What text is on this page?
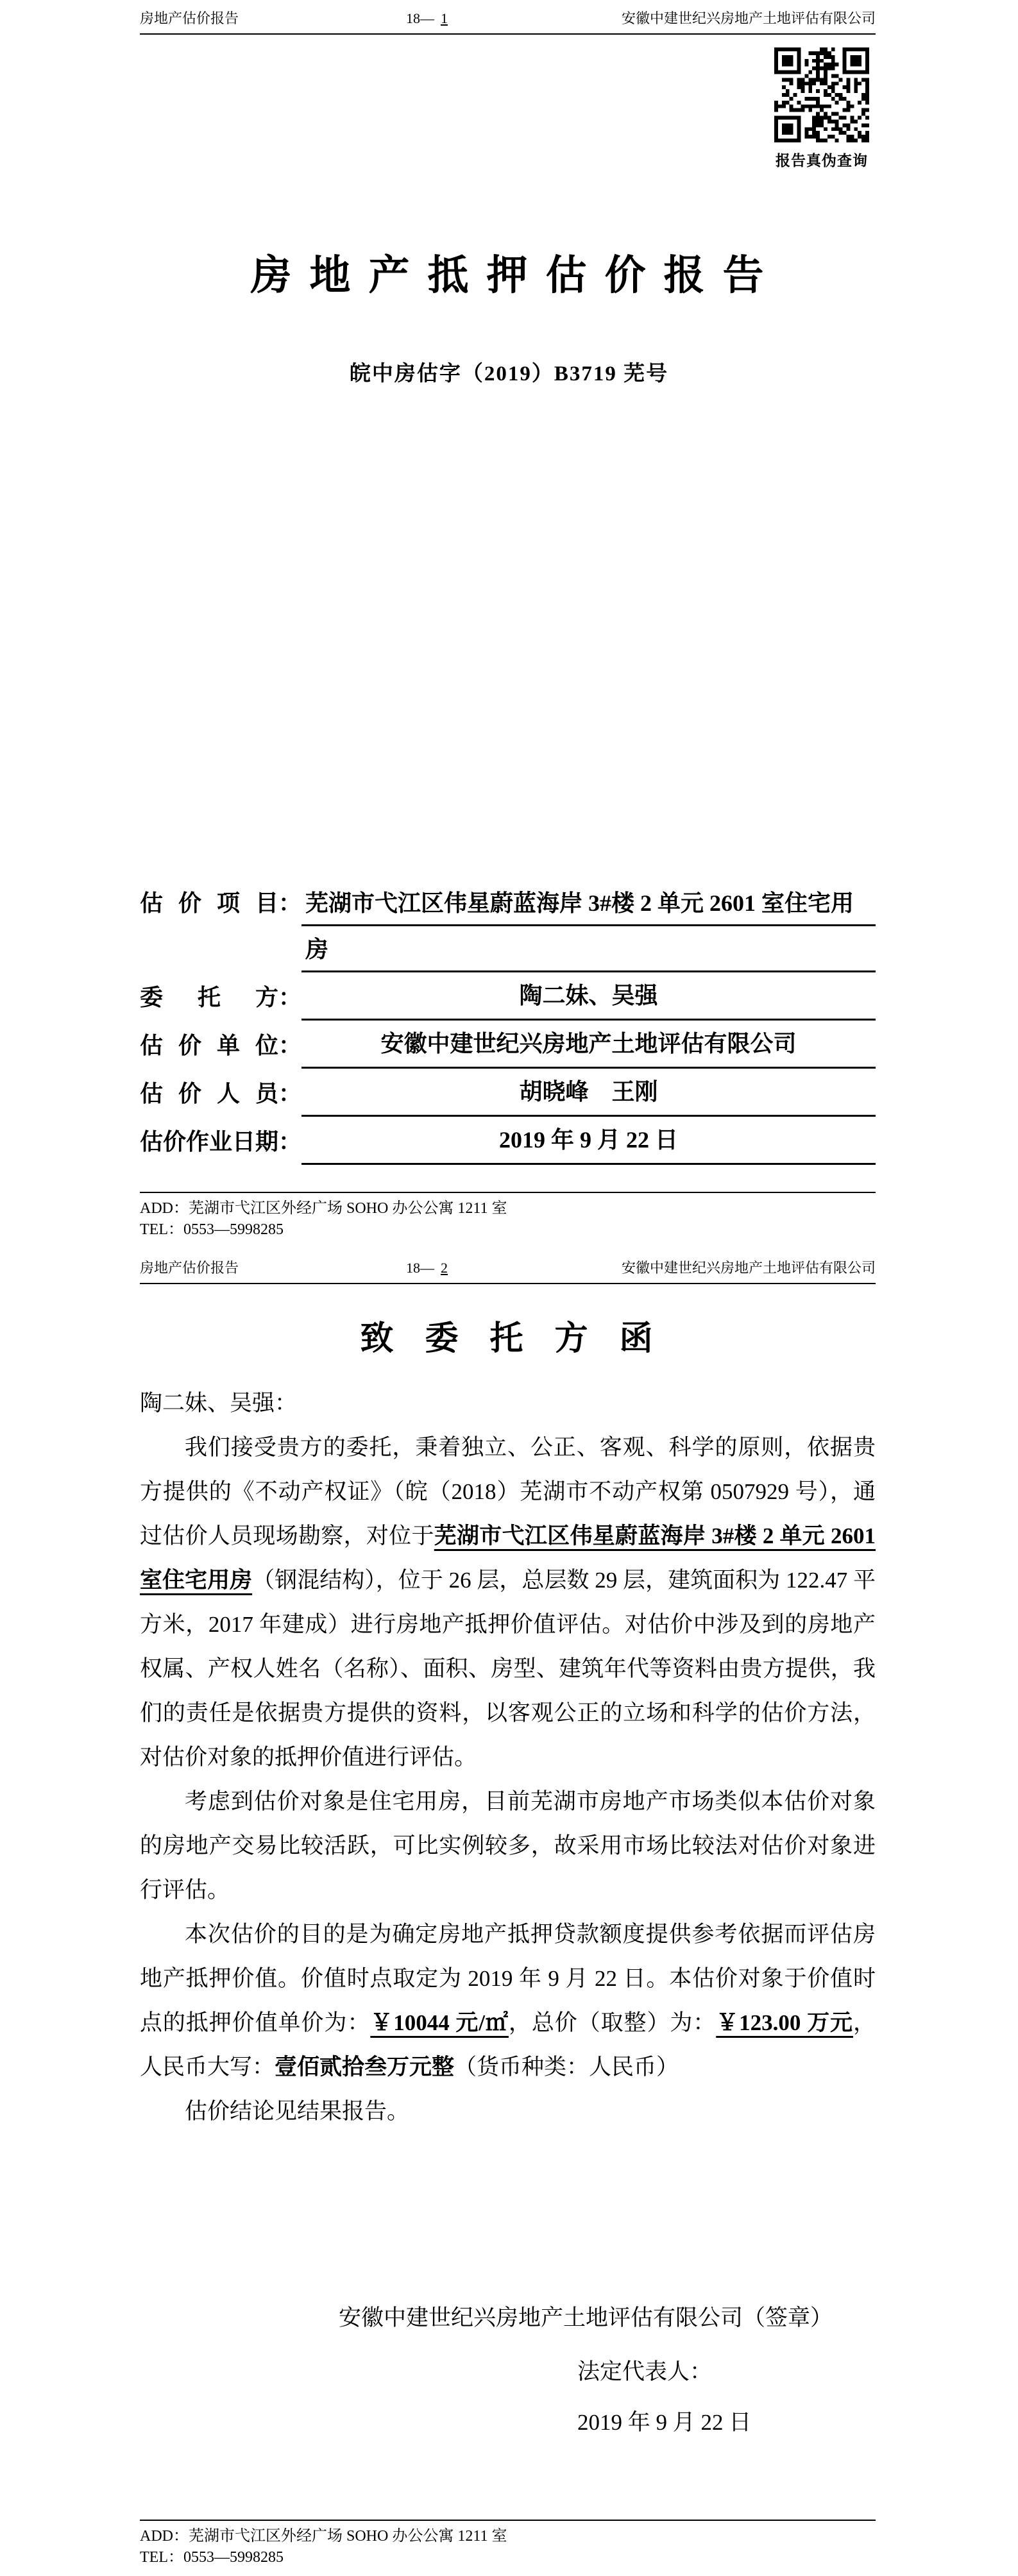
房地产估价报告	18— 1	安徽中建世纪兴房地产土地评估有限公司
报告真伪查询
房 地 产 抵 押 估 价 报 告
皖中房估字（2019）B3719 芜号
估价项目： 芜湖市弋江区伟星蔚蓝海岸 3#楼 2 单元 2601 室住宅用房
委托方：	陶二妹、吴强
估价单位：	安徽中建世纪兴房地产土地评估有限公司
估价人员：	胡晓峰    王刚
估价作业日期：	2019 年 9 月 22 日
ADD：芜湖市弋江区外经广场 SOHO 办公公寓 1211 室
TEL：0553—5998285
房地产估价报告	18— 2	安徽中建世纪兴房地产土地评估有限公司
致 委 托 方 函
陶二妹、吴强：

我们接受贵方的委托，秉着独立、公正、客观、科学的原则，依据贵方提供的《不动产权证》（皖（2018）芜湖市不动产权第 0507929 号），通过估价人员现场勘察，对位于芜湖市弋江区伟星蔚蓝海岸 3#楼 2 单元 2601 室住宅用房（钢混结构），位于 26 层，总层数 29 层，建筑面积为 122.47 平方米，2017 年建成）进行房地产抵押价值评估。对估价中涉及到的房地产权属、产权人姓名（名称）、面积、房型、建筑年代等资料由贵方提供，我们的责任是依据贵方提供的资料，以客观公正的立场和科学的估价方法，对估价对象的抵押价值进行评估。

考虑到估价对象是住宅用房，目前芜湖市房地产市场类似本估价对象的房地产交易比较活跃，可比实例较多，故采用市场比较法对估价对象进行评估。

本次估价的目的是为确定房地产抵押贷款额度提供参考依据而评估房地产抵押价值。价值时点取定为 2019 年 9 月 22 日。本估价对象于价值时点的抵押价值单价为：￥10044 元/㎡，总价（取整）为：￥123.00 万元，人民币大写：壹佰贰拾叁万元整（货币种类：人民币）

估价结论见结果报告。

安徽中建世纪兴房地产土地评估有限公司（签章）
法定代表人：
2019 年 9 月 22 日
ADD：芜湖市弋江区外经广场 SOHO 办公公寓 1211 室
TEL：0553—5998285
